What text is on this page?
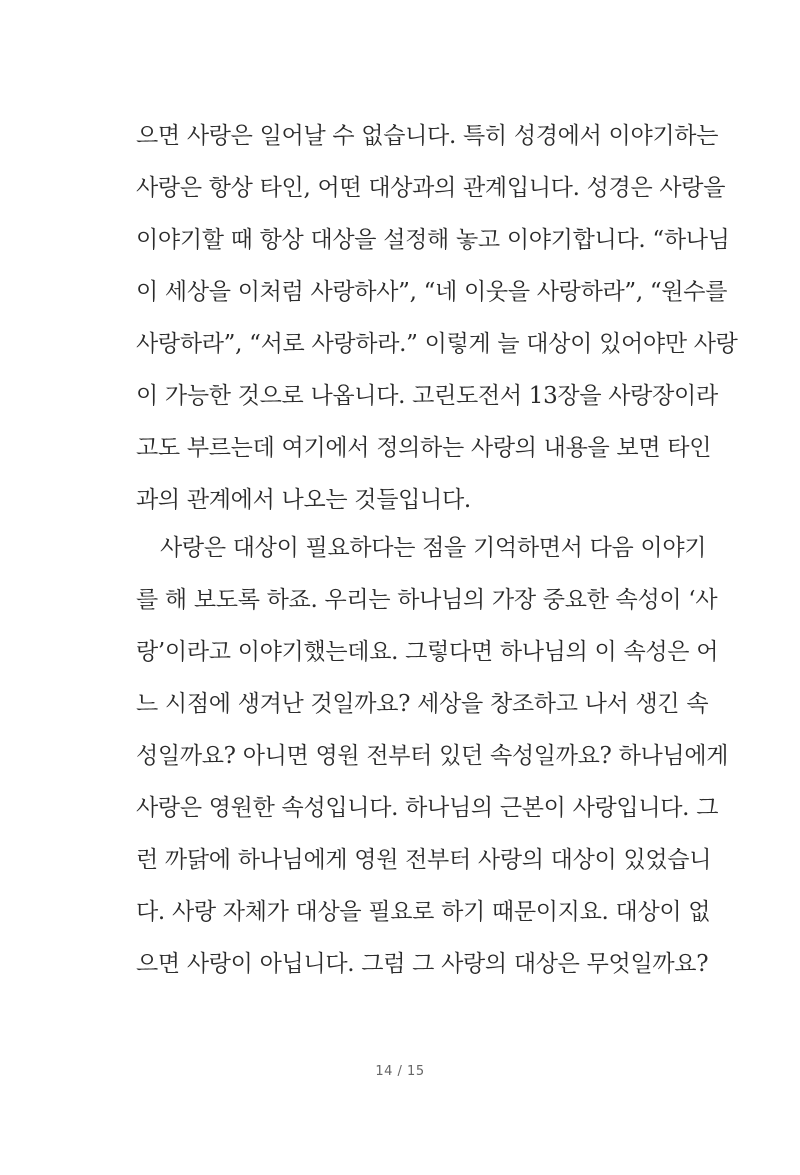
으면 사랑은 일어날 수 없습니다. 특히 성경에서 이야기하는
사랑은 항상 타인, 어떤 대상과의 관계입니다. 성경은 사랑을
이야기할 때 항상 대상을 설정해 놓고 이야기합니다. “하나님
이 세상을 이처럼 사랑하사”, “네 이웃을 사랑하라”, “원수를
사랑하라”, “서로 사랑하라.” 이렇게 늘 대상이 있어야만 사랑
이 가능한 것으로 나옵니다. 고린도전서 13장을 사랑장이라
고도 부르는데 여기에서 정의하는 사랑의 내용을 보면 타인
과의 관계에서 나오는 것들입니다.
사랑은 대상이 필요하다는 점을 기억하면서 다음 이야기
를 해 보도록 하죠. 우리는 하나님의 가장 중요한 속성이 ‘사
랑’이라고 이야기했는데요. 그렇다면 하나님의 이 속성은 어
느 시점에 생겨난 것일까요? 세상을 창조하고 나서 생긴 속
성일까요? 아니면 영원 전부터 있던 속성일까요? 하나님에게
사랑은 영원한 속성입니다. 하나님의 근본이 사랑입니다. 그
런 까닭에 하나님에게 영원 전부터 사랑의 대상이 있었습니
다. 사랑 자체가 대상을 필요로 하기 때문이지요. 대상이 없
으면 사랑이 아닙니다. 그럼 그 사랑의 대상은 무엇일까요?
14 / 15
